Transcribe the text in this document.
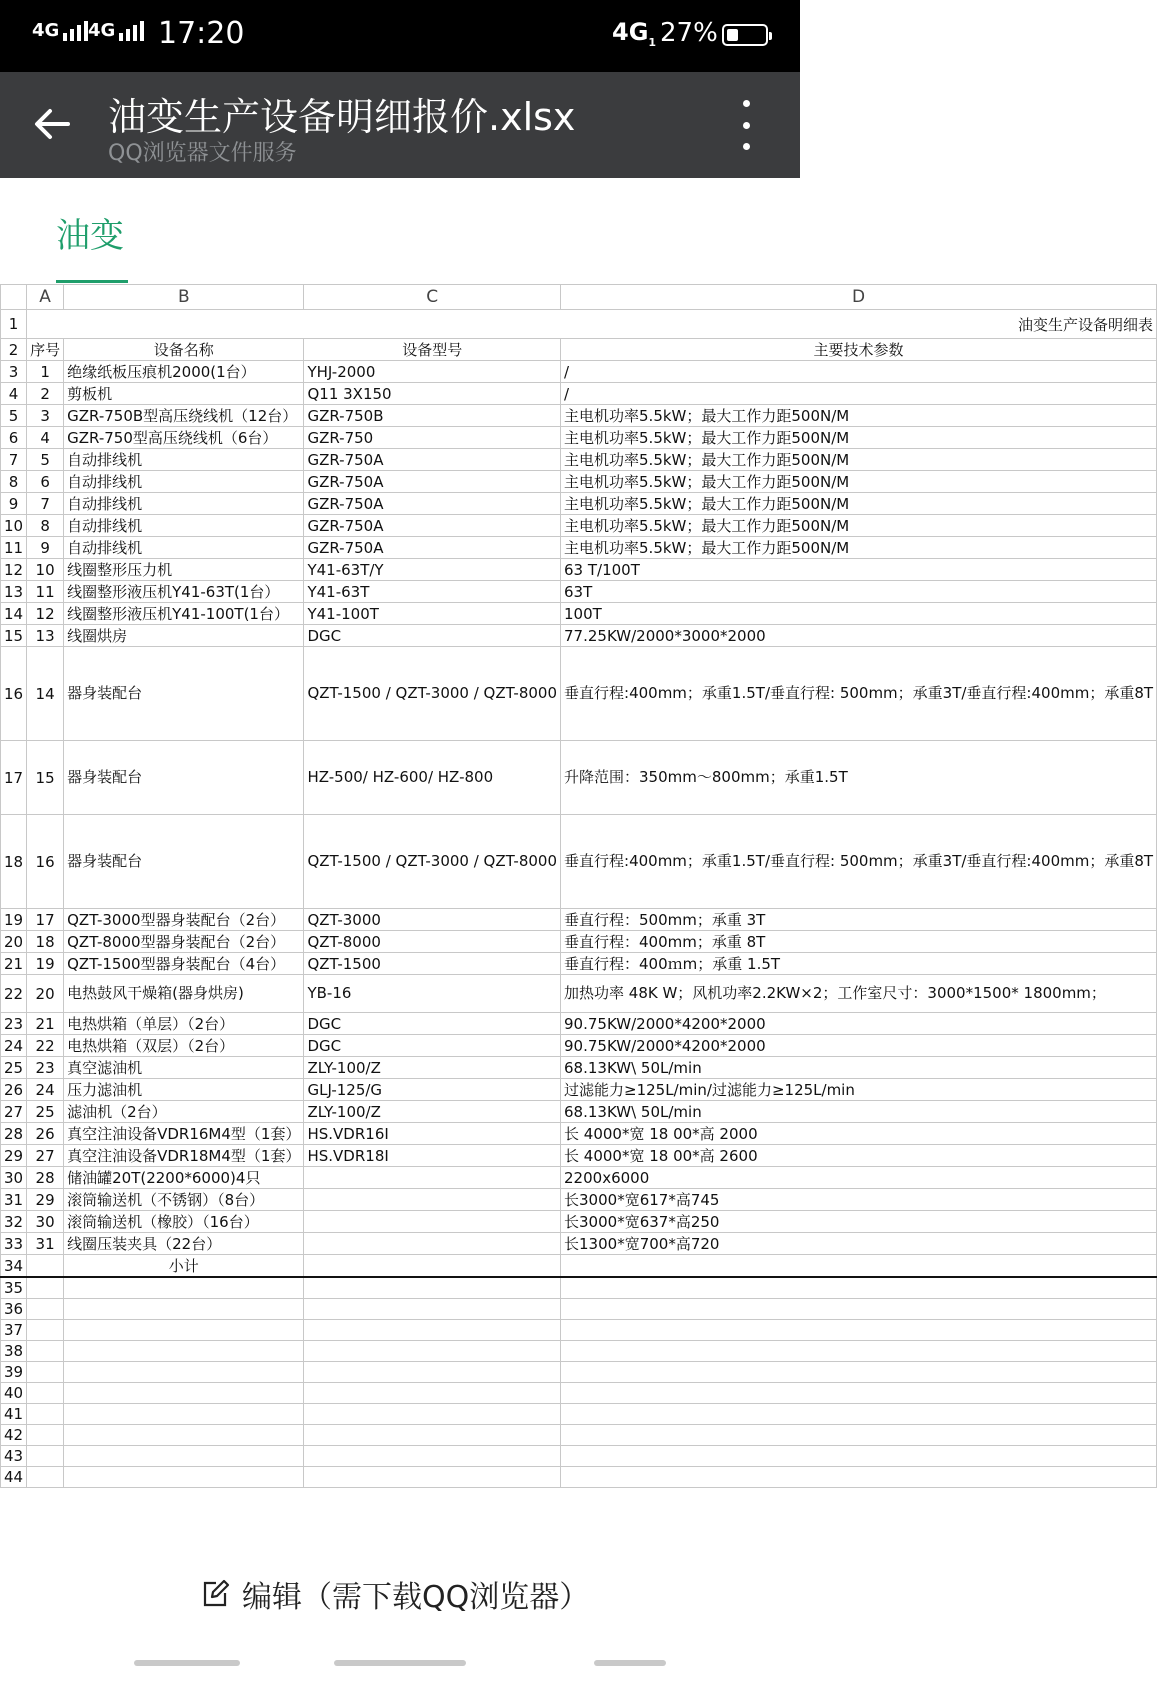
4G 4G 17:20	$4G_1$ 27%
油变生产设备明细报价.xlsx
QQ浏览器文件服务
油变
	A	B	C	D
1	油变生产设备明细表			
2	序号	设备名称	设备型号	主要技术参数
3	1	绝缘纸板压痕机2000(1台）	YHJ-2000	/
4	2	剪板机	Q11 3X150	/
5	3	GZR-750B型高压绕线机（12台）	GZR-750B	主电机功率5.5kW；最大工作力距500N/M
6	4	GZR-750型高压绕线机（6台）	GZR-750	主电机功率5.5kW；最大工作力距500N/M
7	5	自动排线机	GZR-750A	主电机功率5.5kW；最大工作力距500N/M
8	6	自动排线机	GZR-750A	主电机功率5.5kW；最大工作力距500N/M
9	7	自动排线机	GZR-750A	主电机功率5.5kW；最大工作力距500N/M
10	8	自动排线机	GZR-750A	主电机功率5.5kW；最大工作力距500N/M
11	9	自动排线机	GZR-750A	主电机功率5.5kW；最大工作力距500N/M
12	10	线圈整形压力机	Y41-63T/Y	63 T/100T
13	11	线圈整形液压机Y41-63T(1台）	Y41-63T	63T
14	12	线圈整形液压机Y41-100T(1台）	Y41-100T	100T
15	13	线圈烘房	DGC	77.25KW/2000*3000*2000
16	14	器身装配台	QZT-1500 / QZT-3000 / QZT-8000	垂直行程:400mm；承重1.5T/垂直行程: 500mm；承重3T/垂直行程:400mm；承重8T
17	15	器身装配台	HZ-500/ HZ-600/ HZ-800	升降范围：350mm～800mm；承重1.5T
18	16	器身装配台	QZT-1500 / QZT-3000 / QZT-8000	垂直行程:400mm；承重1.5T/垂直行程: 500mm；承重3T/垂直行程:400mm；承重8T
19	17	QZT-3000型器身装配台（2台）	QZT-3000	垂直行程：500mm；承重 3T
20	18	QZT-8000型器身装配台（2台）	QZT-8000	垂直行程：400mm；承重 8T
21	19	QZT-1500型器身装配台（4台）	QZT-1500	垂直行程：400ｍm；承重 1.5T
22	20	电热鼓风干燥箱(器身烘房)	YB-16	加热功率 48K W；风机功率2.2KW×2；工作室尺寸：3000*1500* 1800mm；
23	21	电热烘箱（单层）（2台）	DGC	90.75KW/2000*4200*2000
24	22	电热烘箱（双层）（2台）	DGC	90.75KW/2000*4200*2000
25	23	真空滤油机	ZLY-100/Z	68.13KW\ 50L/min
26	24	压力滤油机	GLJ-125/G	过滤能力≥125L/min/过滤能力≥125L/min
27	25	滤油机（2台）	ZLY-100/Z	68.13KW\ 50L/min
28	26	真空注油设备VDR16M4型（1套）	HS.VDR16I	长 4000*宽 18 00*高 2000
29	27	真空注油设备VDR18M4型（1套）	HS.VDR18I	长 4000*宽 18 00*高 2600
30	28	储油罐20T(2200*6000)4只		2200x6000
31	29	滚筒输送机（不锈钢）（8台）		长3000*宽617*高745
32	30	滚筒输送机（橡胶）（16台）		长3000*宽637*高250
33	31	线圈压装夹具（22台）		长1300*宽700*高720
34		小计		
35				
36				
37				
38				
39				
40				
41				
42				
43				
44				
编辑（需下载QQ浏览器）
